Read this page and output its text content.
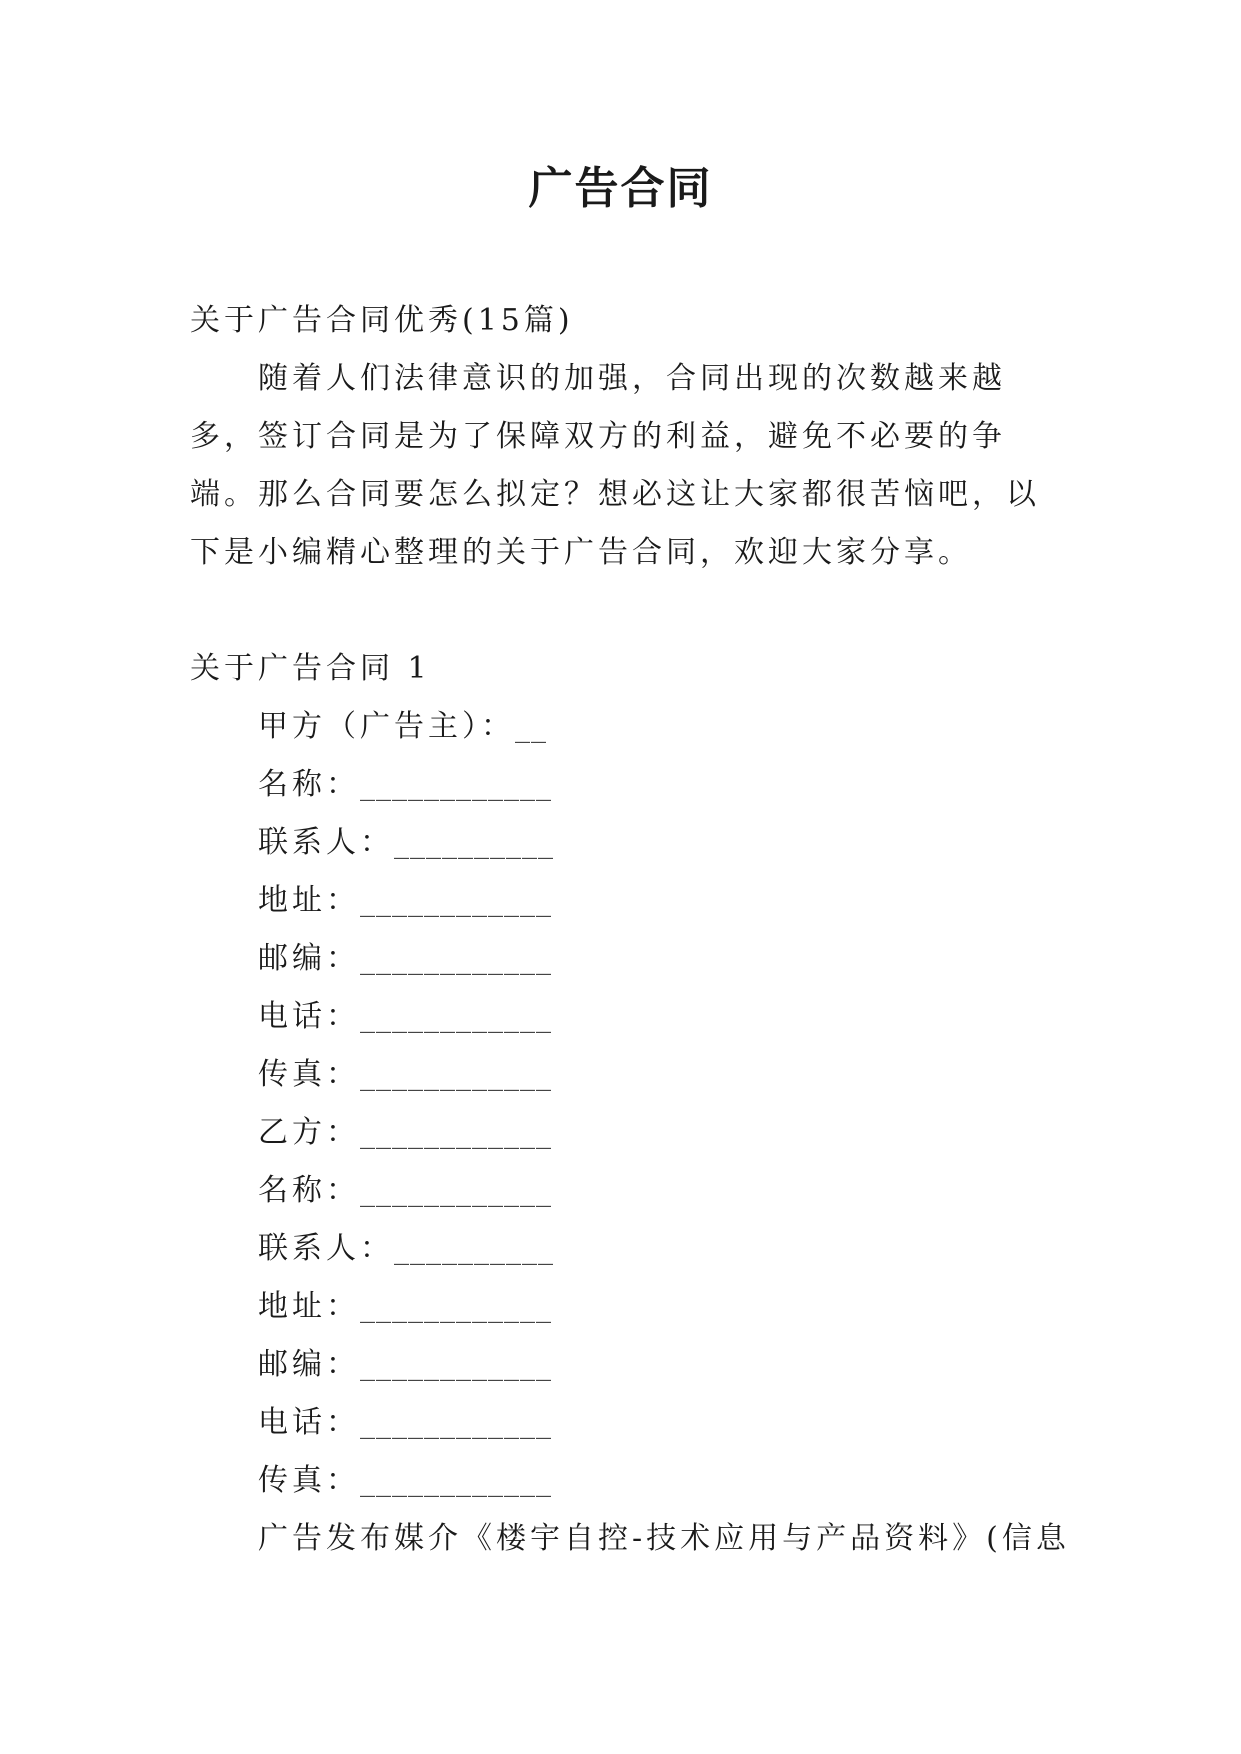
广告合同

关于广告合同优秀(15篇)

随着人们法律意识的加强，合同出现的次数越来越多，签订合同是为了保障双方的利益，避免不必要的争端。那么合同要怎么拟定？想必这让大家都很苦恼吧，以下是小编精心整理的关于广告合同，欢迎大家分享。

关于广告合同 1

甲方（广告主）：__

名称：____________

联系人：__________

地址：____________

邮编：____________

电话：____________

传真：____________

乙方：____________

名称：____________

联系人：__________

地址：____________

邮编：____________

电话：____________

传真：____________

广告发布媒介《楼宇自控-技术应用与产品资料》(信息
